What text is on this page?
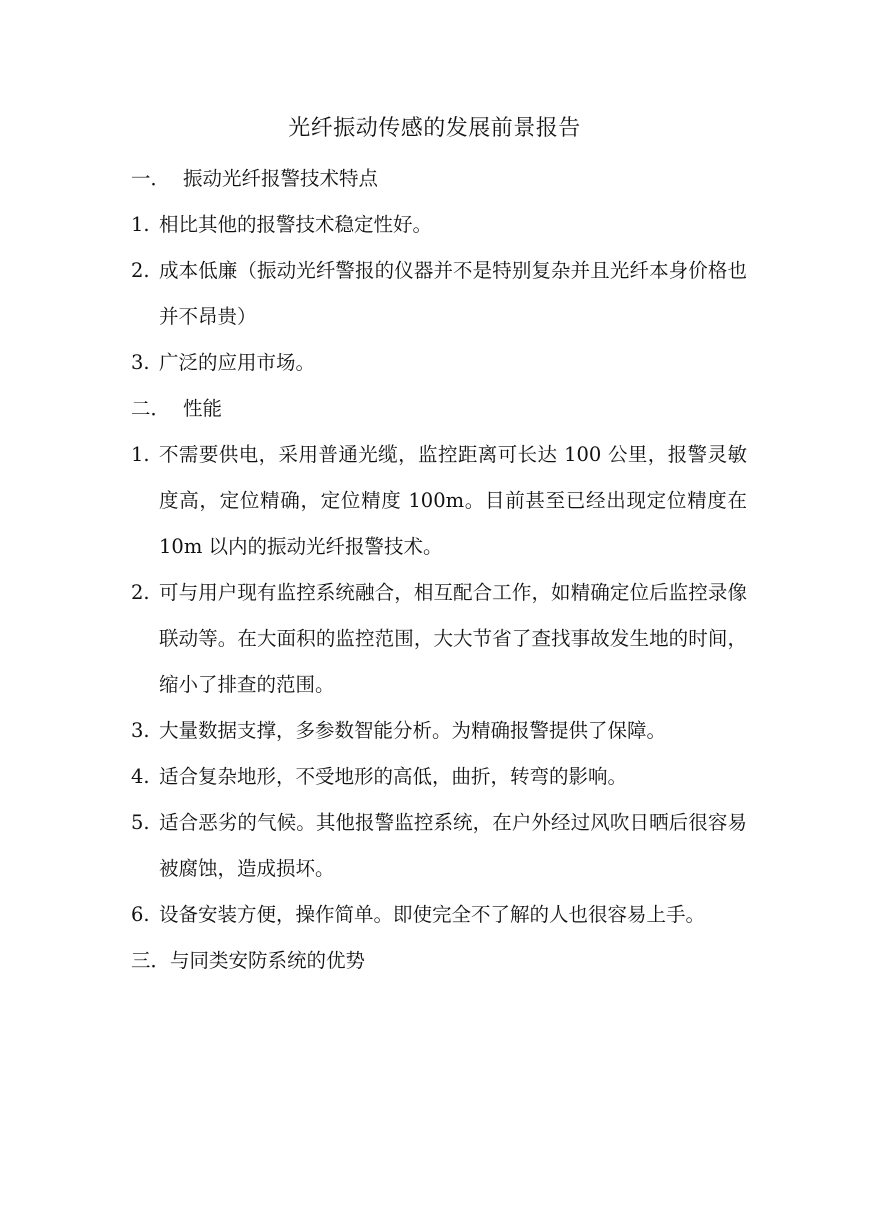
光纤振动传感的发展前景报告
一． 振动光纤报警技术特点
1. 相比其他的报警技术稳定性好。
2. 成本低廉（振动光纤警报的仪器并不是特别复杂并且光纤本身价格也并不昂贵）
3. 广泛的应用市场。
二． 性能
1. 不需要供电，采用普通光缆，监控距离可长达 100 公里，报警灵敏度高，定位精确，定位精度 100m。目前甚至已经出现定位精度在 10m 以内的振动光纤报警技术。
2. 可与用户现有监控系统融合，相互配合工作，如精确定位后监控录像联动等。在大面积的监控范围，大大节省了查找事故发生地的时间，缩小了排查的范围。
3. 大量数据支撑，多参数智能分析。为精确报警提供了保障。
4. 适合复杂地形，不受地形的高低，曲折，转弯的影响。
5. 适合恶劣的气候。其他报警监控系统，在户外经过风吹日晒后很容易被腐蚀，造成损坏。
6. 设备安装方便，操作简单。即使完全不了解的人也很容易上手。
三．与同类安防系统的优势
